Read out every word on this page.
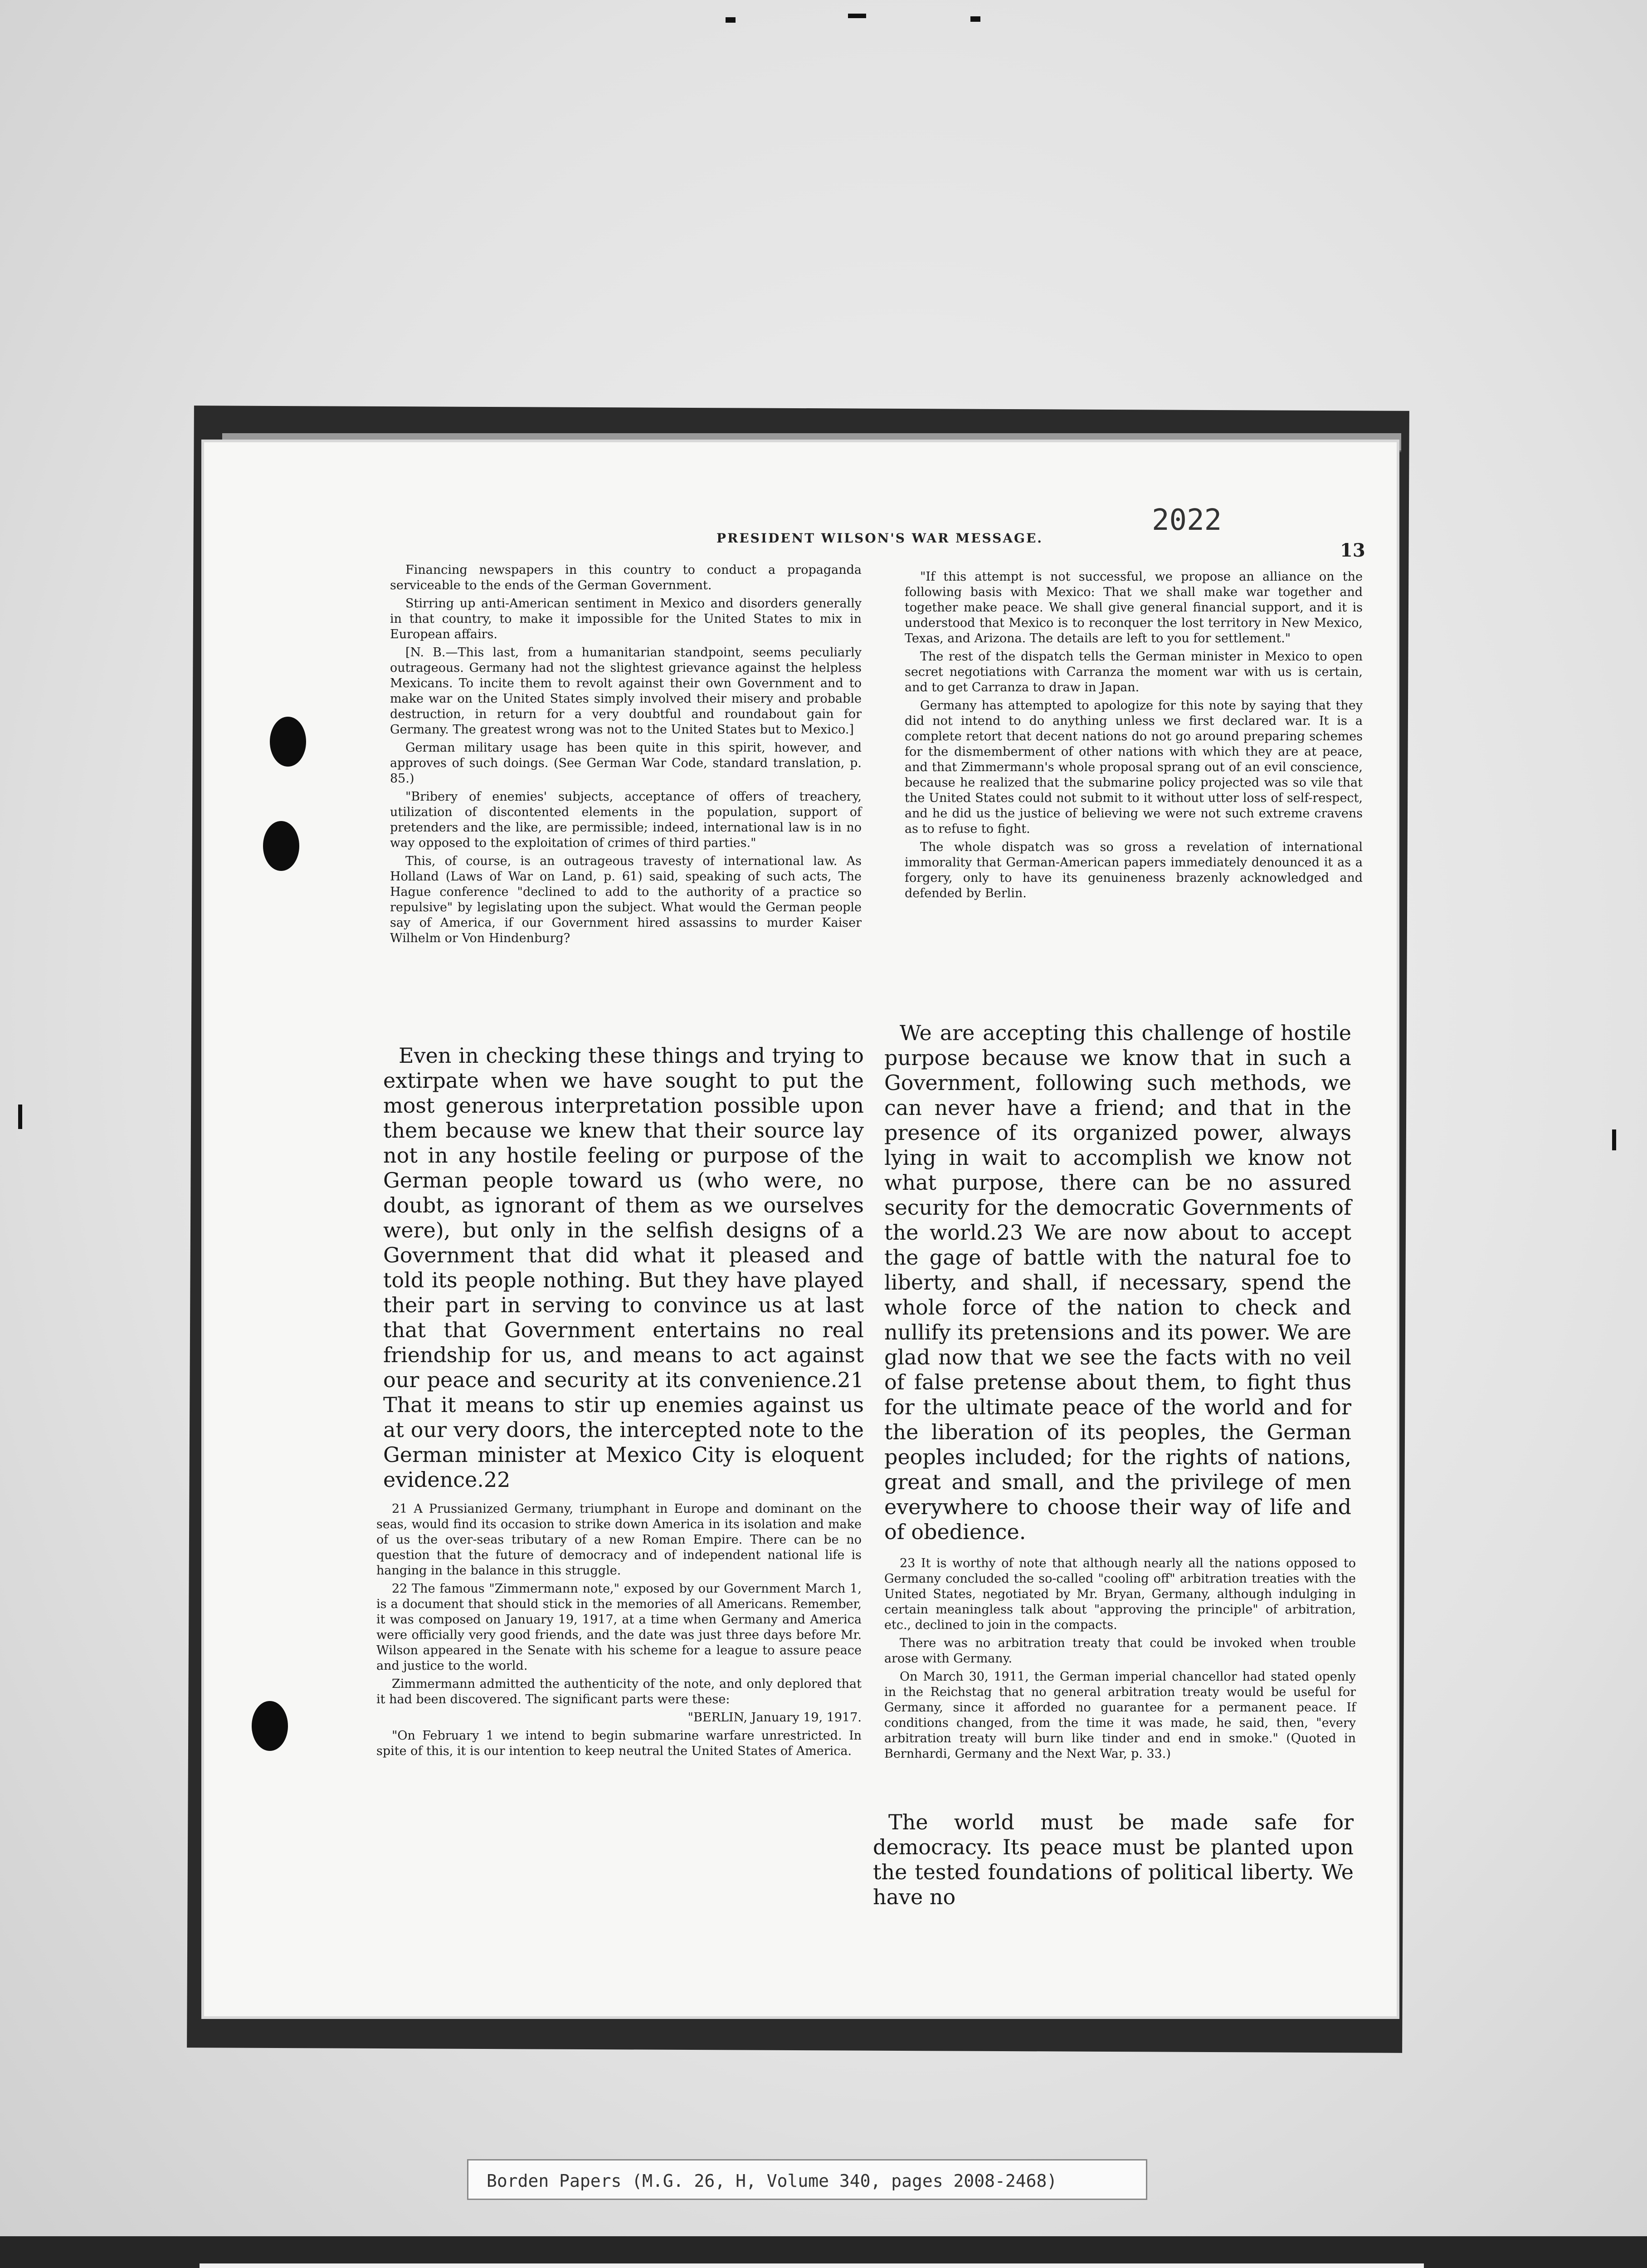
PRESIDENT WILSON'S WAR MESSAGE.
2022
13

Financing newspapers in this country to conduct a propaganda serviceable to the ends of the German Government.

Stirring up anti-American sentiment in Mexico and disorders generally in that country, to make it impossible for the United States to mix in European affairs.

[N. B.—This last, from a humanitarian standpoint, seems peculiarly outrageous. Germany had not the slightest grievance against the helpless Mexicans. To incite them to revolt against their own Government and to make war on the United States simply involved their misery and probable destruction, in return for a very doubtful and roundabout gain for Germany. The greatest wrong was not to the United States but to Mexico.]

German military usage has been quite in this spirit, however, and approves of such doings. (See German War Code, standard translation, p. 85.)

"Bribery of enemies' subjects, acceptance of offers of treachery, utilization of discontented elements in the population, support of pretenders and the like, are permissible; indeed, international law is in no way opposed to the exploitation of crimes of third parties."

This, of course, is an outrageous travesty of international law. As Holland (Laws of War on Land, p. 61) said, speaking of such acts, The Hague conference "declined to add to the authority of a practice so repulsive" by legislating upon the subject. What would the German people say of America, if our Government hired assassins to murder Kaiser Wilhelm or Von Hindenburg?

Even in checking these things and trying to extirpate when we have sought to put the most generous interpretation possible upon them because we knew that their source lay not in any hostile feeling or purpose of the German people toward us (who were, no doubt, as ignorant of them as we ourselves were), but only in the selfish designs of a Government that did what it pleased and told its people nothing. But they have played their part in serving to convince us at last that that Government entertains no real friendship for us, and means to act against our peace and security at its convenience.21 That it means to stir up enemies against us at our very doors, the intercepted note to the German minister at Mexico City is eloquent evidence.22

21 A Prussianized Germany, triumphant in Europe and dominant on the seas, would find its occasion to strike down America in its isolation and make of us the over-seas tributary of a new Roman Empire. There can be no question that the future of democracy and of independent national life is hanging in the balance in this struggle.

22 The famous "Zimmermann note," exposed by our Government March 1, is a document that should stick in the memories of all Americans. Remember, it was composed on January 19, 1917, at a time when Germany and America were officially very good friends, and the date was just three days before Mr. Wilson appeared in the Senate with his scheme for a league to assure peace and justice to the world.

Zimmermann admitted the authenticity of the note, and only deplored that it had been discovered. The significant parts were these:

"BERLIN, January 19, 1917.

"On February 1 we intend to begin submarine warfare unrestricted. In spite of this, it is our intention to keep neutral the United States of America.

"If this attempt is not successful, we propose an alliance on the following basis with Mexico: That we shall make war together and together make peace. We shall give general financial support, and it is understood that Mexico is to reconquer the lost territory in New Mexico, Texas, and Arizona. The details are left to you for settlement."

The rest of the dispatch tells the German minister in Mexico to open secret negotiations with Carranza the moment war with us is certain, and to get Carranza to draw in Japan.

Germany has attempted to apologize for this note by saying that they did not intend to do anything unless we first declared war. It is a complete retort that decent nations do not go around preparing schemes for the dismemberment of other nations with which they are at peace, and that Zimmermann's whole proposal sprang out of an evil conscience, because he realized that the submarine policy projected was so vile that the United States could not submit to it without utter loss of self-respect, and he did us the justice of believing we were not such extreme cravens as to refuse to fight.

The whole dispatch was so gross a revelation of international immorality that German-American papers immediately denounced it as a forgery, only to have its genuineness brazenly acknowledged and defended by Berlin.

We are accepting this challenge of hostile purpose because we know that in such a Government, following such methods, we can never have a friend; and that in the presence of its organized power, always lying in wait to accomplish we know not what purpose, there can be no assured security for the democratic Governments of the world.23 We are now about to accept the gage of battle with the natural foe to liberty, and shall, if necessary, spend the whole force of the nation to check and nullify its pretensions and its power. We are glad now that we see the facts with no veil of false pretense about them, to fight thus for the ultimate peace of the world and for the liberation of its peoples, the German peoples included; for the rights of nations, great and small, and the privilege of men everywhere to choose their way of life and of obedience.

23 It is worthy of note that although nearly all the nations opposed to Germany concluded the so-called "cooling off" arbitration treaties with the United States, negotiated by Mr. Bryan, Germany, although indulging in certain meaningless talk about "approving the principle" of arbitration, etc., declined to join in the compacts.

There was no arbitration treaty that could be invoked when trouble arose with Germany.

On March 30, 1911, the German imperial chancellor had stated openly in the Reichstag that no general arbitration treaty would be useful for Germany, since it afforded no guarantee for a permanent peace. If conditions changed, from the time it was made, he said, then, "every arbitration treaty will burn like tinder and end in smoke." (Quoted in Bernhardi, Germany and the Next War, p. 33.)

The world must be made safe for democracy. Its peace must be planted upon the tested foundations of political liberty. We have no

Borden Papers (M.G. 26, H, Volume 340, pages 2008-2468)
